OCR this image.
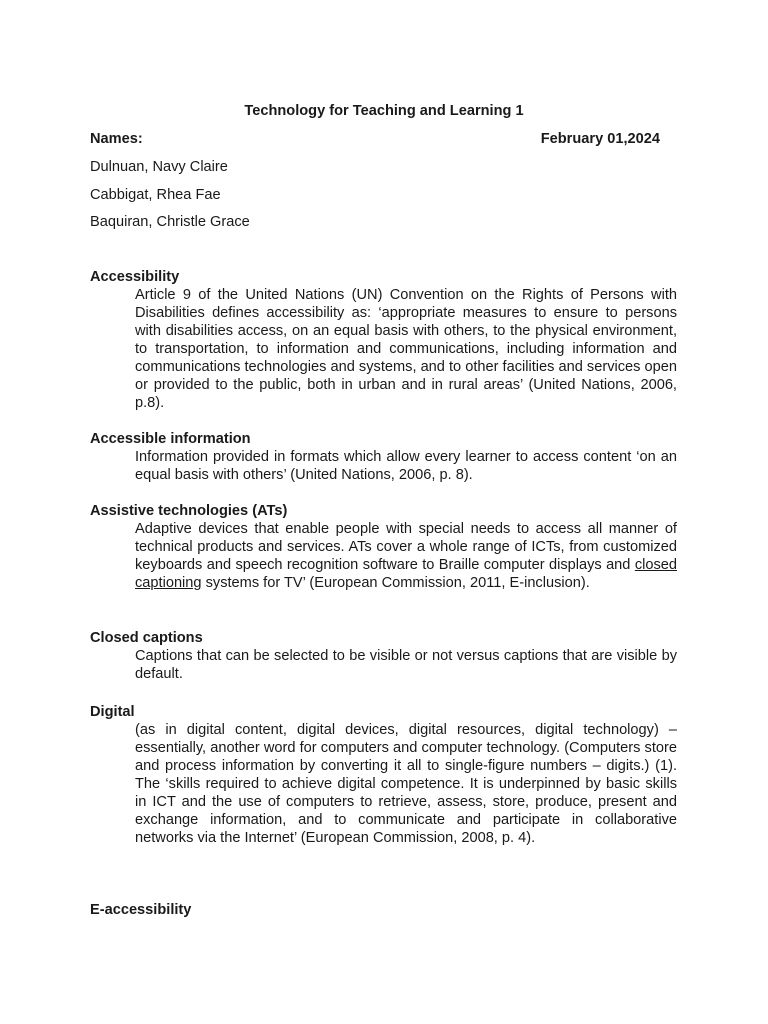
Technology for Teaching and Learning 1
Names:	February 01,2024
Dulnuan, Navy Claire
Cabbigat, Rhea Fae
Baquiran, Christle Grace
Accessibility
Article 9 of the United Nations (UN) Convention on the Rights of Persons with Disabilities defines accessibility as: ‘appropriate measures to ensure to persons with disabilities access, on an equal basis with others, to the physical environment, to transportation, to information and communications, including information and communications technologies and systems, and to other facilities and services open or provided to the public, both in urban and in rural areas’ (United Nations, 2006, p.8).
Accessible information
Information provided in formats which allow every learner to access content ‘on an equal basis with others’ (United Nations, 2006, p. 8).
Assistive technologies (ATs)
Adaptive devices that enable people with special needs to access all manner of technical products and services. ATs cover a whole range of ICTs, from customized keyboards and speech recognition software to Braille computer displays and closed captioning systems for TV’ (European Commission, 2011, E-inclusion).
Closed captions
Captions that can be selected to be visible or not versus captions that are visible by default.
Digital
(as in digital content, digital devices, digital resources, digital technology) – essentially, another word for computers and computer technology. (Computers store and process information by converting it all to single-figure numbers – digits.) (1). The ‘skills required to achieve digital competence. It is underpinned by basic skills in ICT and the use of computers to retrieve, assess, store, produce, present and exchange information, and to communicate and participate in collaborative networks via the Internet’ (European Commission, 2008, p. 4).
E-accessibility
